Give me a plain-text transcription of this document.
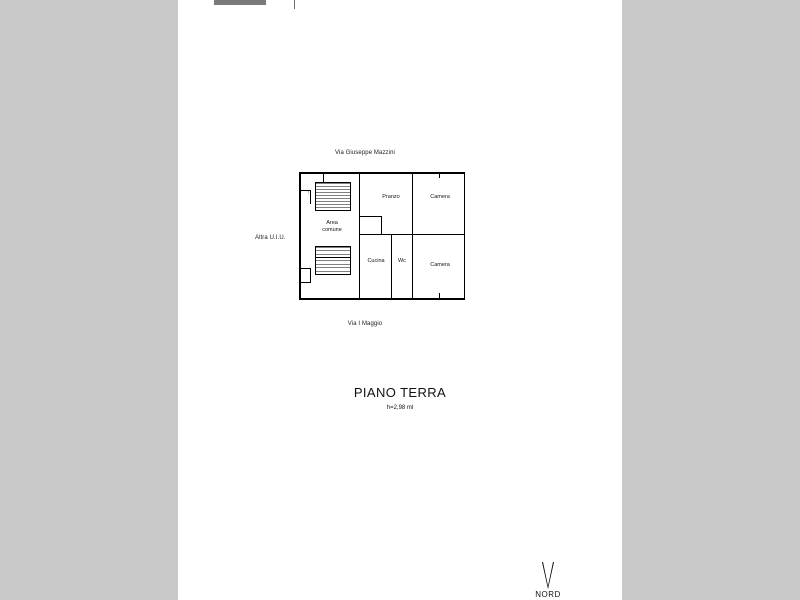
Via Giuseppe Mazzini
Via I Maggio
Altra U.I.U.
↑
Pranzo	Camera
Camera
Cucina	Wc
Area
comune
PIANO TERRA
h=2,98 ml
NORD
